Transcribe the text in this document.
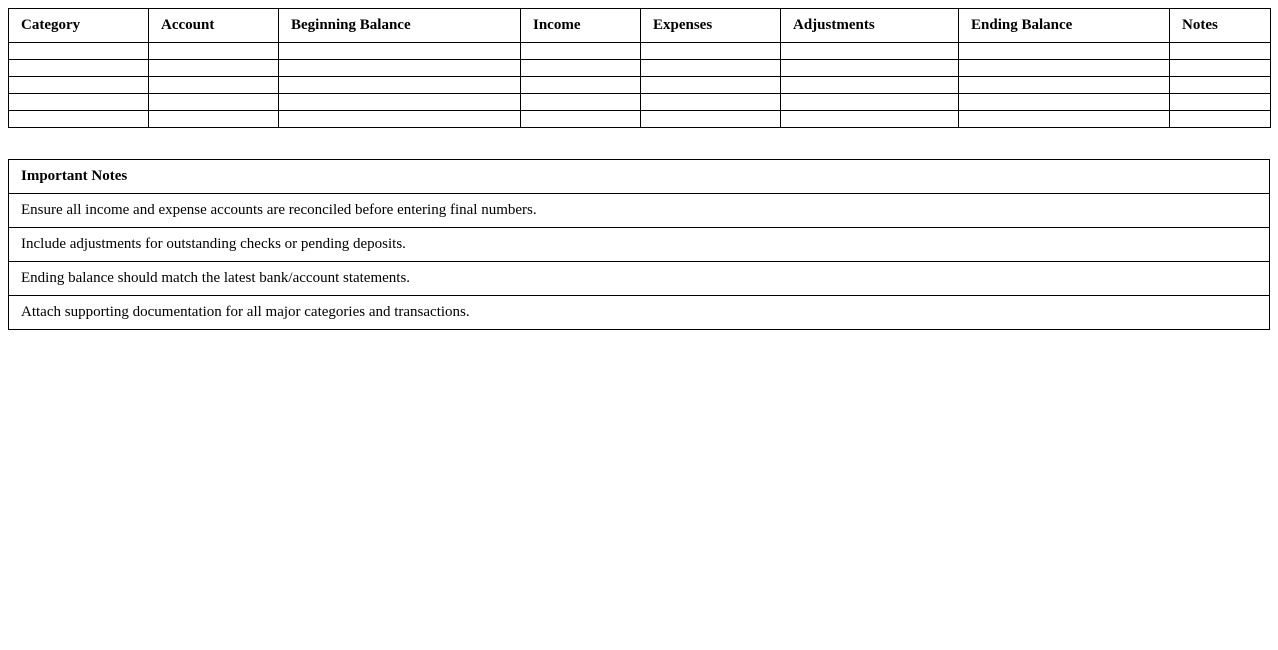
Category	Account	Beginning Balance	Income	Expenses	Adjustments	Ending Balance	Notes

Important Notes
Ensure all income and expense accounts are reconciled before entering final numbers.
Include adjustments for outstanding checks or pending deposits.
Ending balance should match the latest bank/account statements.
Attach supporting documentation for all major categories and transactions.
